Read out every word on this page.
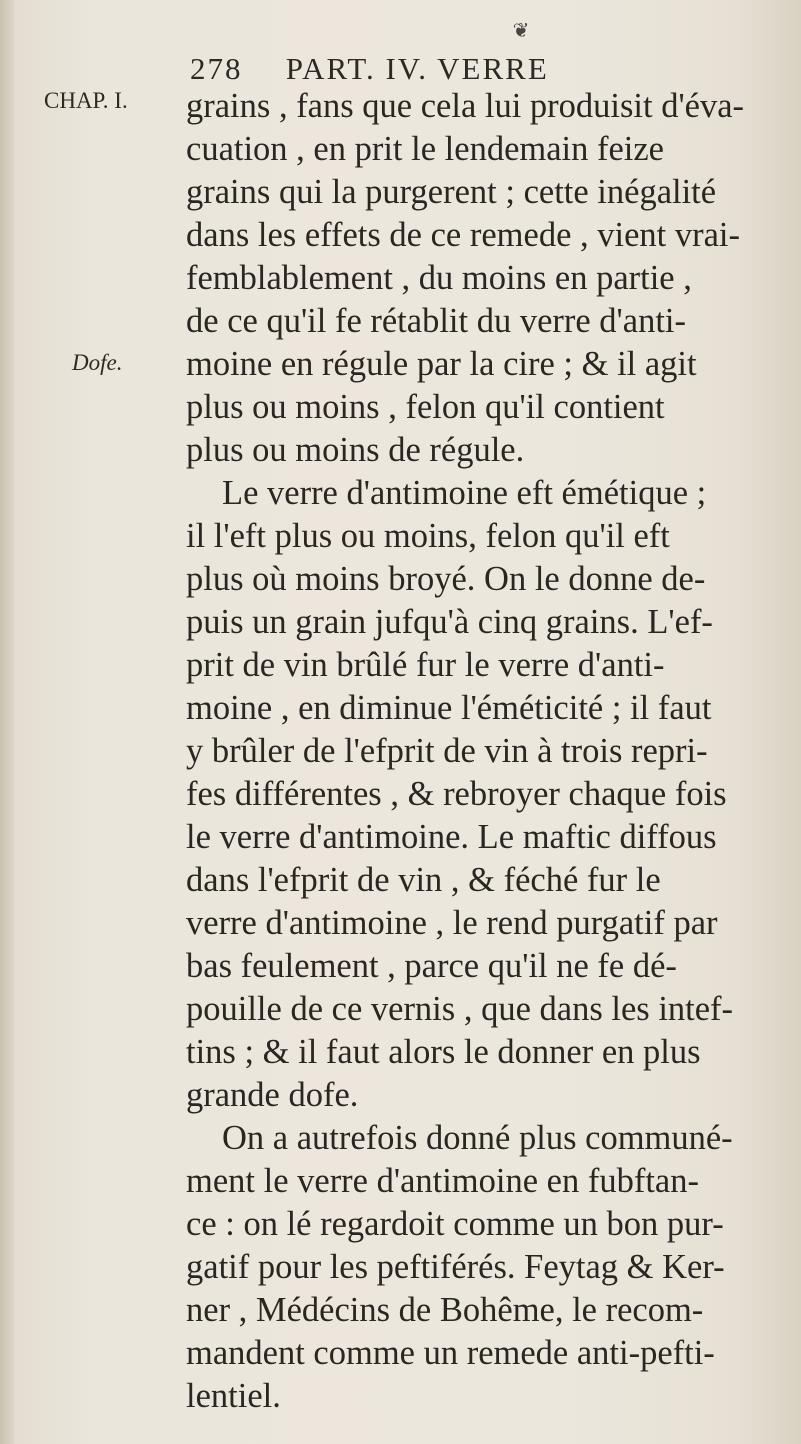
❦
278 PART. IV. VERRE
CHAP. I.
Dofe.
grains , fans que cela lui produisit d'éva-
cuation , en prit le lendemain feize
grains qui la purgerent ; cette inégalité
dans les effets de ce remede , vient vrai-
femblablement , du moins en partie ,
de ce qu'il fe rétablit du verre d'anti-
moine en régule par la cire ; & il agit
plus ou moins , felon qu'il contient
plus ou moins de régule.
Le verre d'antimoine eft émétique ;
il l'eft plus ou moins, felon qu'il eft
plus où moins broyé. On le donne de-
puis un grain jufqu'à cinq grains. L'ef-
prit de vin brûlé fur le verre d'anti-
moine , en diminue l'éméticité ; il faut
y brûler de l'efprit de vin à trois repri-
fes différentes , & rebroyer chaque fois
le verre d'antimoine. Le maftic diffous
dans l'efprit de vin , & féché fur le
verre d'antimoine , le rend purgatif par
bas feulement , parce qu'il ne fe dé-
pouille de ce vernis , que dans les intef-
tins ; & il faut alors le donner en plus
grande dofe.
On a autrefois donné plus communé-
ment le verre d'antimoine en fubftan-
ce : on lé regardoit comme un bon pur-
gatif pour les peftiférés. Feytag & Ker-
ner , Médécins de Bohême, le recom-
mandent comme un remede anti-pefti-
lentiel.
